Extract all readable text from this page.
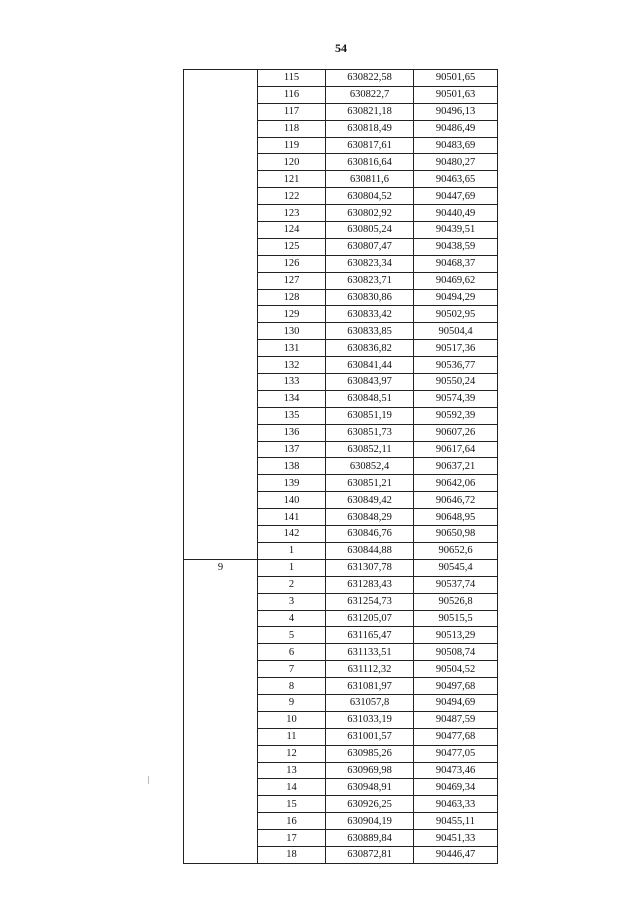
54
	115	630822,58	90501,65
	116	630822,7	90501,63
	117	630821,18	90496,13
	118	630818,49	90486,49
	119	630817,61	90483,69
	120	630816,64	90480,27
	121	630811,6	90463,65
	122	630804,52	90447,69
	123	630802,92	90440,49
	124	630805,24	90439,51
	125	630807,47	90438,59
	126	630823,34	90468,37
	127	630823,71	90469,62
	128	630830,86	90494,29
	129	630833,42	90502,95
	130	630833,85	90504,4
	131	630836,82	90517,36
	132	630841,44	90536,77
	133	630843,97	90550,24
	134	630848,51	90574,39
	135	630851,19	90592,39
	136	630851,73	90607,26
	137	630852,11	90617,64
	138	630852,4	90637,21
	139	630851,21	90642,06
	140	630849,42	90646,72
	141	630848,29	90648,95
	142	630846,76	90650,98
	1	630844,88	90652,6
9	1	631307,78	90545,4
	2	631283,43	90537,74
	3	631254,73	90526,8
	4	631205,07	90515,5
	5	631165,47	90513,29
	6	631133,51	90508,74
	7	631112,32	90504,52
	8	631081,97	90497,68
	9	631057,8	90494,69
	10	631033,19	90487,59
	11	631001,57	90477,68
	12	630985,26	90477,05
	13	630969,98	90473,46
	14	630948,91	90469,34
	15	630926,25	90463,33
	16	630904,19	90455,11
	17	630889,84	90451,33
	18	630872,81	90446,47
